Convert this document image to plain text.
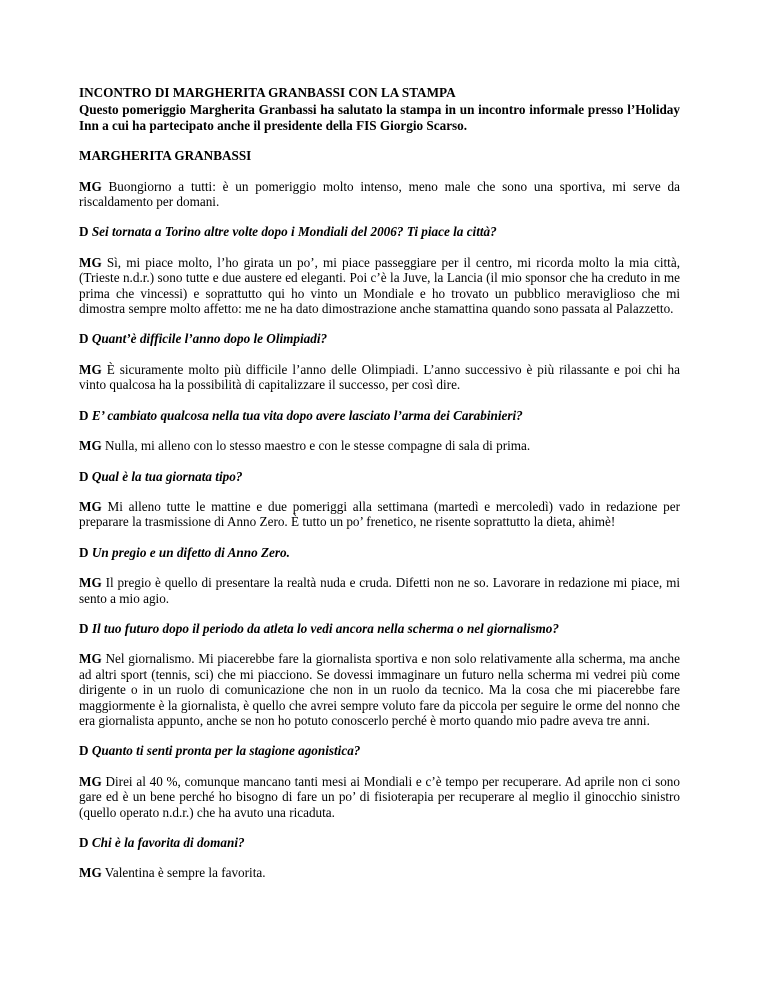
INCONTRO DI MARGHERITA GRANBASSI CON LA STAMPA

Questo pomeriggio Margherita Granbassi ha salutato la stampa in un incontro informale presso l’Holiday Inn a cui ha partecipato anche il presidente della FIS Giorgio Scarso.

MARGHERITA GRANBASSI

MG Buongiorno a tutti: è un pomeriggio molto intenso, meno male che sono una sportiva, mi serve da riscaldamento per domani.

D Sei tornata a Torino altre volte dopo i Mondiali del 2006? Ti piace la città?

MG Sì, mi piace molto, l’ho girata un po’, mi piace passeggiare per il centro, mi ricorda molto la mia città, (Trieste n.d.r.) sono tutte e due austere ed eleganti. Poi c’è la Juve, la Lancia (il mio sponsor che ha creduto in me prima che vincessi) e soprattutto qui ho vinto un Mondiale e ho trovato un pubblico meraviglioso che mi dimostra sempre molto affetto: me ne ha dato dimostrazione anche stamattina quando sono passata al Palazzetto.

D Quant’è difficile l’anno dopo le Olimpiadi?

MG È sicuramente molto più difficile l’anno delle Olimpiadi. L’anno successivo è più rilassante e poi chi ha vinto qualcosa ha la possibilità di capitalizzare il successo, per così dire.

D E’ cambiato qualcosa nella tua vita dopo avere lasciato l’arma dei Carabinieri?

MG Nulla, mi alleno con lo stesso maestro e con le stesse compagne di sala di prima.

D Qual è la tua giornata tipo?

MG Mi alleno tutte le mattine e due pomeriggi alla settimana (martedì e mercoledì) vado in redazione per preparare la trasmissione di Anno Zero. È tutto un po’ frenetico, ne risente soprattutto la dieta, ahimè!

D Un pregio e un difetto di Anno Zero.

MG Il pregio è quello di presentare la realtà nuda e cruda. Difetti non ne so. Lavorare in redazione mi piace, mi sento a mio agio.

D Il tuo futuro dopo il periodo da atleta lo vedi ancora nella scherma o nel giornalismo?

MG Nel giornalismo. Mi piacerebbe fare la giornalista sportiva e non solo relativamente alla scherma, ma anche ad altri sport (tennis, sci) che mi piacciono. Se dovessi immaginare un futuro nella scherma mi vedrei più come dirigente o in un ruolo di comunicazione che non in un ruolo da tecnico. Ma la cosa che mi piacerebbe fare maggiormente è la giornalista, è quello che avrei sempre voluto fare da piccola per seguire le orme del nonno che era giornalista appunto, anche se non ho potuto conoscerlo perché è morto quando mio padre aveva tre anni.

D Quanto ti senti pronta per la stagione agonistica?

MG Direi al 40 %, comunque mancano tanti mesi ai Mondiali e c’è tempo per recuperare. Ad aprile non ci sono gare ed è un bene perché ho bisogno di fare un po’ di fisioterapia per recuperare al meglio il ginocchio sinistro (quello operato n.d.r.) che ha avuto una ricaduta.

D Chi è la favorita di domani?

MG Valentina è sempre la favorita.
